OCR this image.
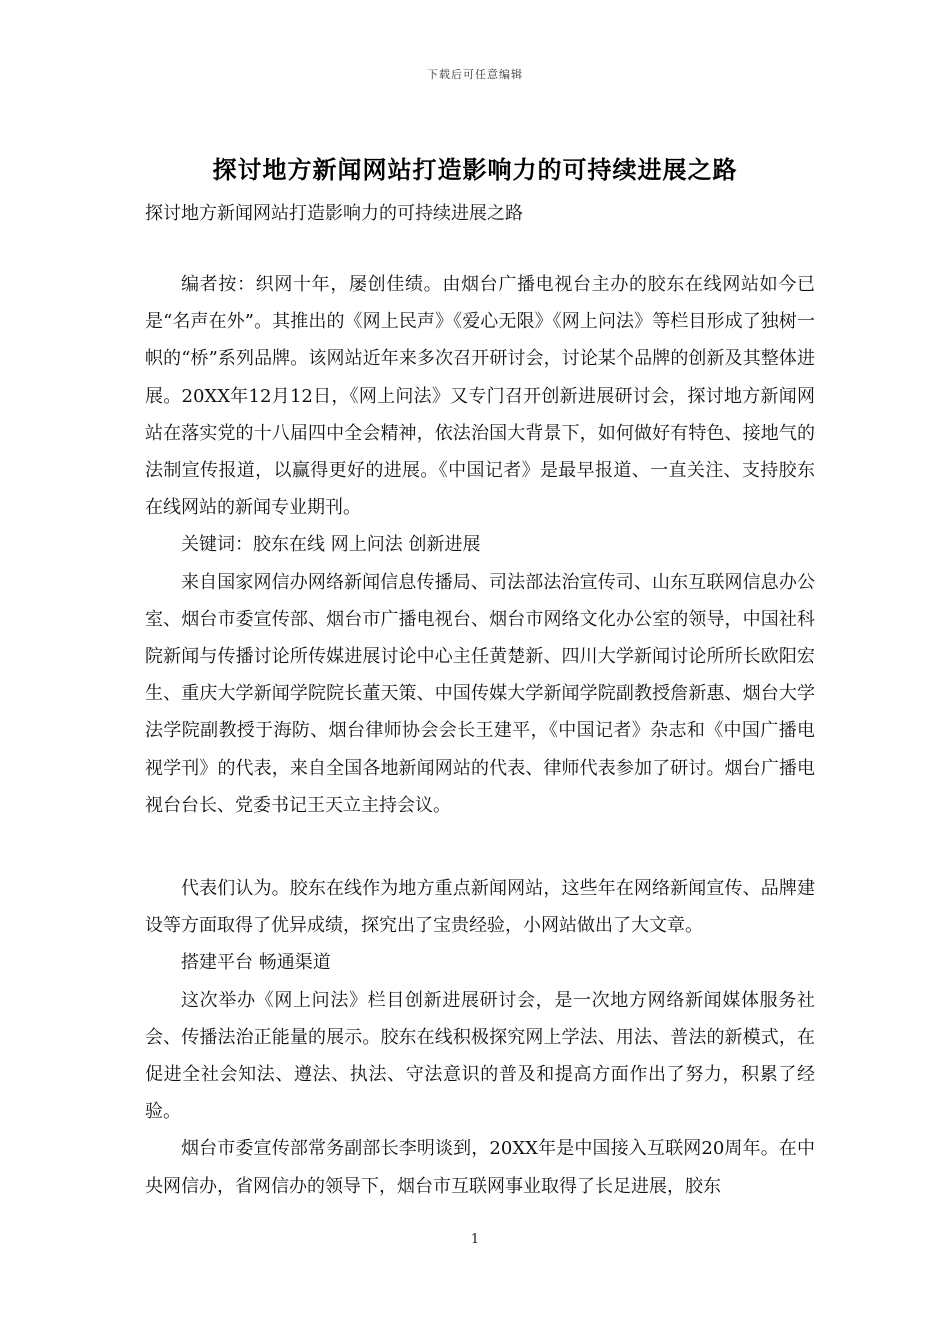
下载后可任意编辑
探讨地方新闻网站打造影响力的可持续进展之路
探讨地方新闻网站打造影响力的可持续进展之路

编者按：织网十年，屡创佳绩。由烟台广播电视台主办的胶东在线网站如今已是“名声在外”。其推出的《网上民声》《爱心无限》《网上问法》等栏目形成了独树一帜的“桥”系列品牌。该网站近年来多次召开研讨会，讨论某个品牌的创新及其整体进展。20XX年12月12日，《网上问法》又专门召开创新进展研讨会，探讨地方新闻网站在落实党的十八届四中全会精神，依法治国大背景下，如何做好有特色、接地气的法制宣传报道，以赢得更好的进展。《中国记者》是最早报道、一直关注、支持胶东在线网站的新闻专业期刊。

关键词：胶东在线 网上问法 创新进展

来自国家网信办网络新闻信息传播局、司法部法治宣传司、山东互联网信息办公室、烟台市委宣传部、烟台市广播电视台、烟台市网络文化办公室的领导，中国社科院新闻与传播讨论所传媒进展讨论中心主任黄楚新、四川大学新闻讨论所所长欧阳宏生、重庆大学新闻学院院长董天策、中国传媒大学新闻学院副教授詹新惠、烟台大学法学院副教授于海防、烟台律师协会会长王建平，《中国记者》杂志和《中国广播电视学刊》的代表，来自全国各地新闻网站的代表、律师代表参加了研讨。烟台广播电视台台长、党委书记王天立主持会议。

代表们认为。胶东在线作为地方重点新闻网站，这些年在网络新闻宣传、品牌建设等方面取得了优异成绩，探究出了宝贵经验，小网站做出了大文章。

搭建平台 畅通渠道

这次举办《网上问法》栏目创新进展研讨会，是一次地方网络新闻媒体服务社会、传播法治正能量的展示。胶东在线积极探究网上学法、用法、普法的新模式，在促进全社会知法、遵法、执法、守法意识的普及和提高方面作出了努力，积累了经验。

烟台市委宣传部常务副部长李明谈到，20XX年是中国接入互联网20周年。在中央网信办，省网信办的领导下，烟台市互联网事业取得了长足进展，胶东

1
